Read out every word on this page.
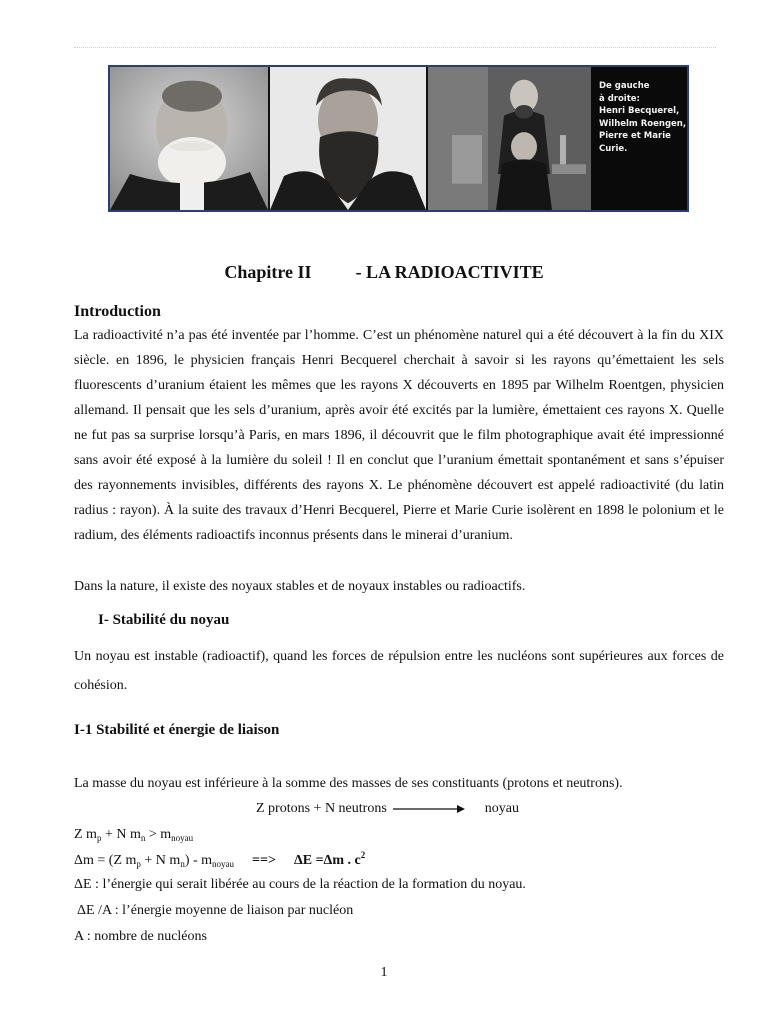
De gauche
à droite:
Henri Becquerel,
Wilhelm Roengen,
Pierre et Marie
Curie.
Chapitre II - LA RADIOACTIVITE
Introduction

La radioactivité n’a pas été inventée par l’homme. C’est un phénomène naturel qui a été découvert à la fin du XIX siècle. en 1896, le physicien français Henri Becquerel cherchait à savoir si les rayons qu’émettaient les sels fluorescents d’uranium étaient les mêmes que les rayons X découverts en 1895 par Wilhelm Roentgen, physicien allemand. Il pensait que les sels d’uranium, après avoir été excités par la lumière, émettaient ces rayons X. Quelle ne fut pas sa surprise lorsqu’à Paris, en mars 1896, il découvrit que le film photographique avait été impressionné sans avoir été exposé à la lumière du soleil ! Il en conclut que l’uranium émettait spontanément et sans s’épuiser des rayonnements invisibles, différents des rayons X. Le phénomène découvert est appelé radioactivité (du latin radius : rayon). À la suite des travaux d’Henri Becquerel, Pierre et Marie Curie isolèrent en 1898 le polonium et le radium, des éléments radioactifs inconnus présents dans le minerai d’uranium.

Dans la nature, il existe des noyaux stables et de noyaux instables ou radioactifs.

I- Stabilité du noyau

Un noyau est instable (radioactif), quand les forces de répulsion entre les nucléons sont supérieures aux forces de cohésion.

I-1 Stabilité et énergie de liaison

La masse du noyau est inférieure à la somme des masses de ses constituants (protons et neutrons).

Z protons + N neutrons	noyau

Z $m_p + N$ $m_n > m_{noyau}$

Δm = (Z $m_p + N$ $m_n) - m_{noyau}$ ==> ΔE =Δm . $c^2$

ΔE : l’énergie qui serait libérée au cours de la réaction de la formation du noyau.

ΔE /A : l’énergie moyenne de liaison par nucléon

A : nombre de nucléons

1
